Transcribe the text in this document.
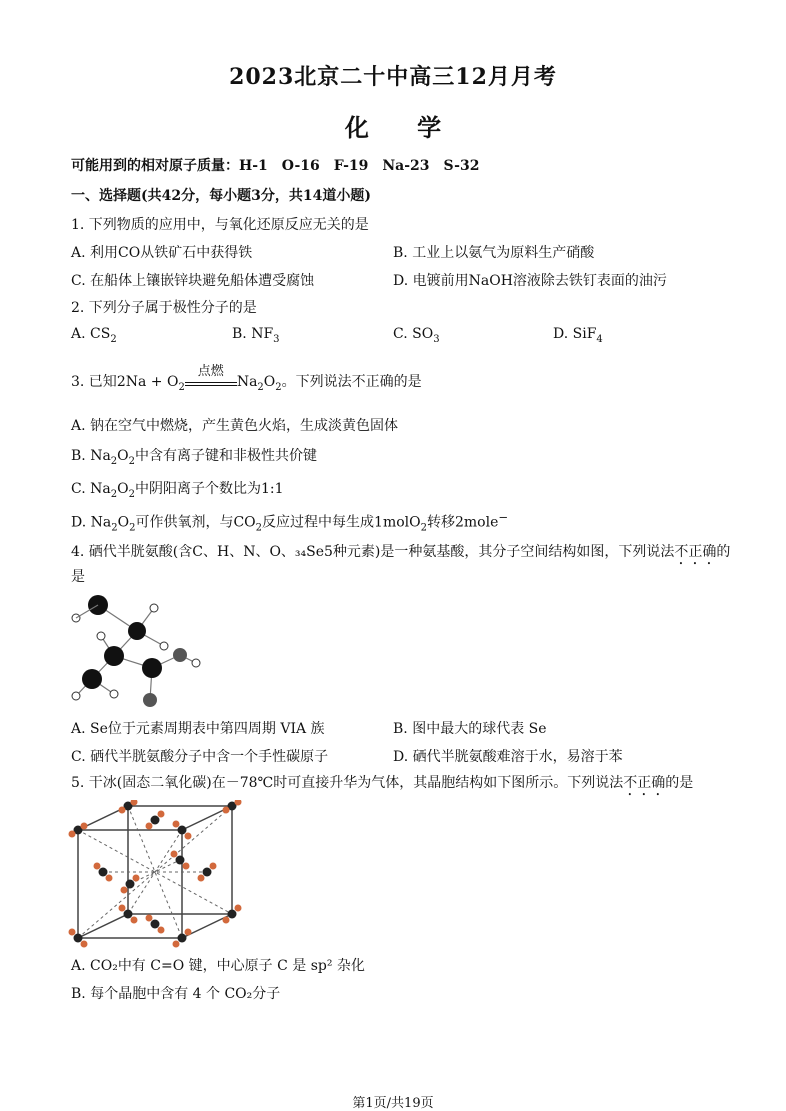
2023北京二十中高三12月月考
化 学
可能用到的相对原子质量：H-1　O-16　F-19　Na-23　S-32
一、选择题(共42分，每小题3分，共14道小题)
1. 下列物质的应用中，与氧化还原反应无关的是
A. 利用CO从铁矿石中获得铁	B. 工业上以氨气为原料生产硝酸
C. 在船体上镶嵌锌块避免船体遭受腐蚀	D. 电镀前用NaOH溶液除去铁钉表面的油污
2. 下列分子属于极性分子的是
A. $CS_2$	B. $NF_3$	C. $SO_3$	D. SiF$_4$
3. 已知$2Na + O_2$
点燃
$Na_2O_2$。下列说法不正确的是
A. 钠在空气中燃烧，产生黄色火焰，生成淡黄色固体
B. $Na_2O_2$中含有离子键和非极性共价键
C. $Na_2O_2$中阴阳离子个数比为1:1
D. $Na_2O_2$可作供氧剂，与$CO_2$反应过程中每生成1molO$_2$转移2mole−
4. 硒代半胱氨酸(含C、H、N、O、₃₄Se5种元素)是一种氨基酸，其分子空间结构如图，下列说法不正确的
是
A. Se位于元素周期表中第四周期 VIA 族	B. 图中最大的球代表 Se
C. 硒代半胱氨酸分子中含一个手性碳原子	D. 硒代半胱氨酸难溶于水，易溶于苯
5. 干冰(固态二氧化碳)在－78℃时可直接升华为气体，其晶胞结构如下图所示。下列说法不正确的是
A. CO₂中有 C=O 键，中心原子 C 是 sp² 杂化
B. 每个晶胞中含有 4 个 CO₂分子
第1页/共19页
